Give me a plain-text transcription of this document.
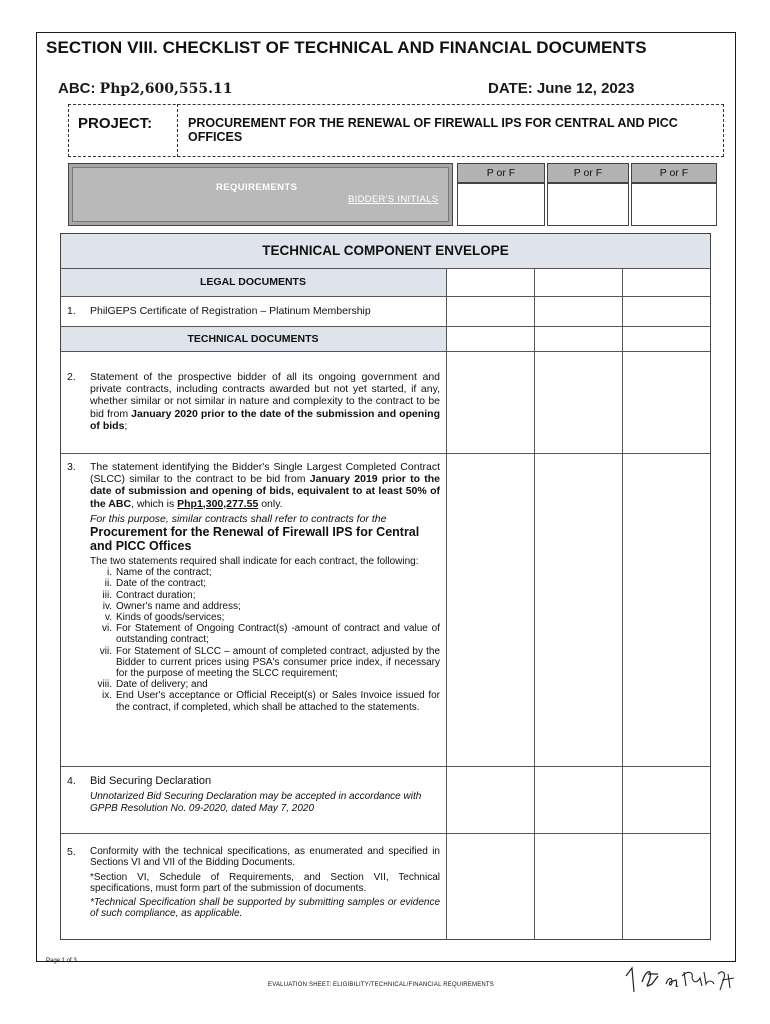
SECTION VIII. CHECKLIST OF TECHNICAL AND FINANCIAL DOCUMENTS
ABC: Php2,600,555.11	DATE: June 12, 2023
PROJECT:	PROCUREMENT FOR THE RENEWAL OF FIREWALL IPS FOR CENTRAL AND PICC OFFICES
REQUIREMENTS
BIDDER'S INITIALS
P or F	P or F	P or F
TECHNICAL COMPONENT ENVELOPE
LEGAL DOCUMENTS
TECHNICAL DOCUMENTS
1. PhilGEPS Certificate of Registration – Platinum Membership
2. Statement of the prospective bidder of all its ongoing government and private contracts, including contracts awarded but not yet started, if any, whether similar or not similar in nature and complexity to the contract to be bid from January 2020 prior to the date of the submission and opening of bids;
3. The statement identifying the Bidder's Single Largest Completed Contract (SLCC) similar to the contract to be bid from January 2019 prior to the date of submission and opening of bids, equivalent to at least 50% of the ABC, which is Php1,300,277.55 only.
For this purpose, similar contracts shall refer to contracts for the
Procurement for the Renewal of Firewall IPS for Central and PICC Offices
The two statements required shall indicate for each contract, the following:
i. Name of the contract;
ii. Date of the contract;
iii. Contract duration;
iv. Owner's name and address;
v. Kinds of goods/services;
vi. For Statement of Ongoing Contract(s) -amount of contract and value of outstanding contract;
vii. For Statement of SLCC – amount of completed contract, adjusted by the Bidder to current prices using PSA's consumer price index, if necessary for the purpose of meeting the SLCC requirement;
viii. Date of delivery; and
ix. End User's acceptance or Official Receipt(s) or Sales Invoice issued for the contract, if completed, which shall be attached to the statements.
4. Bid Securing Declaration
Unnotarized Bid Securing Declaration may be accepted in accordance with GPPB Resolution No. 09-2020, dated May 7, 2020
5. Conformity with the technical specifications, as enumerated and specified in Sections VI and VII of the Bidding Documents.
*Section VI, Schedule of Requirements, and Section VII, Technical specifications, must form part of the submission of documents.
*Technical Specification shall be supported by submitting samples or evidence of such compliance, as applicable.
Page 1 of 3
EVALUATION SHEET: ELIGIBILITY/TECHNICAL/FINANCIAL REQUIREMENTS
